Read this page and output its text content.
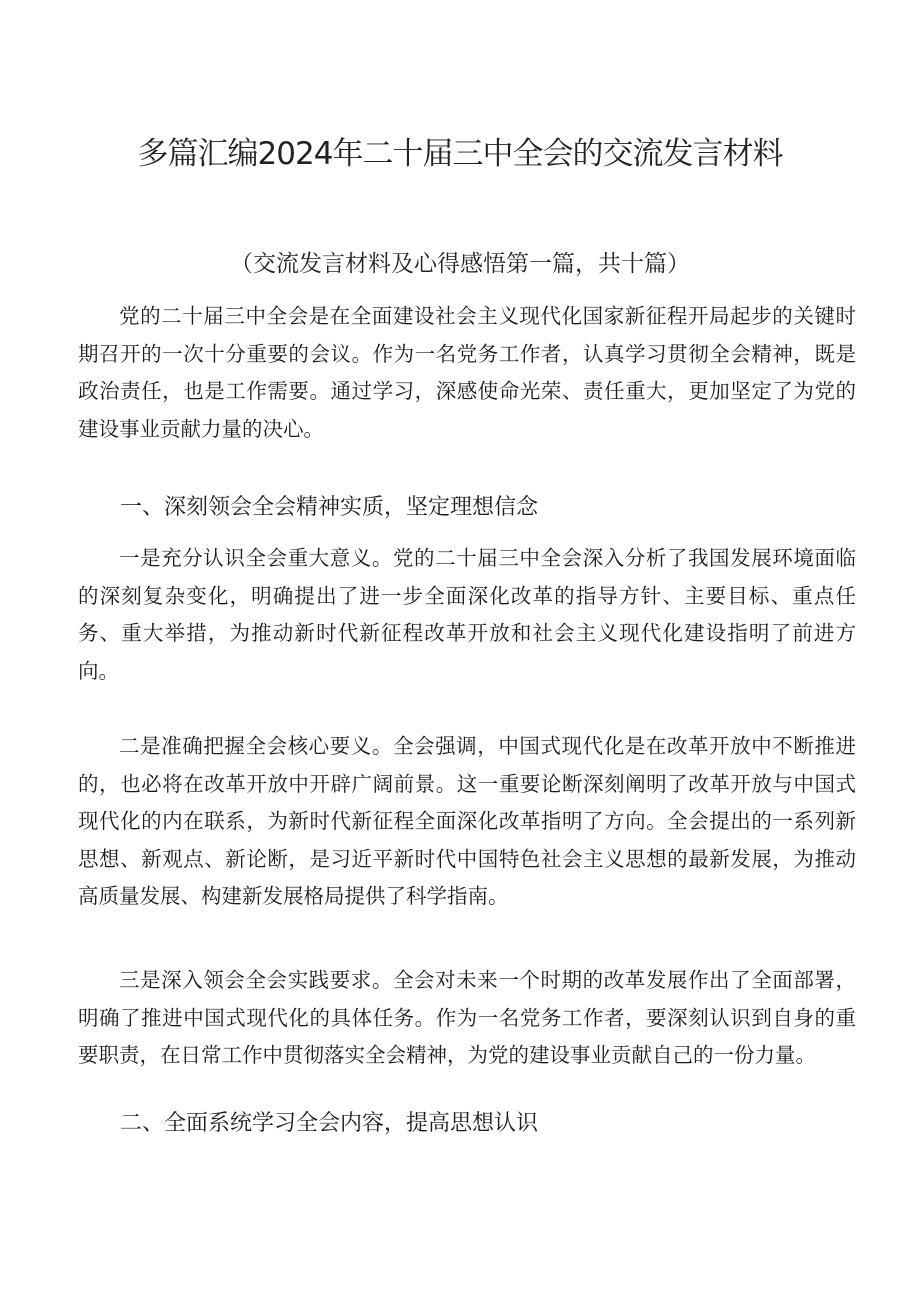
多篇汇编2024年二十届三中全会的交流发言材料
（交流发言材料及心得感悟第一篇，共十篇）

党的二十届三中全会是在全面建设社会主义现代化国家新征程开局起步的关键时期召开的一次十分重要的会议。作为一名党务工作者，认真学习贯彻全会精神，既是政治责任，也是工作需要。通过学习，深感使命光荣、责任重大，更加坚定了为党的建设事业贡献力量的决心。

一、深刻领会全会精神实质，坚定理想信念

一是充分认识全会重大意义。党的二十届三中全会深入分析了我国发展环境面临的深刻复杂变化，明确提出了进一步全面深化改革的指导方针、主要目标、重点任务、重大举措，为推动新时代新征程改革开放和社会主义现代化建设指明了前进方向。

二是准确把握全会核心要义。全会强调，中国式现代化是在改革开放中不断推进的，也必将在改革开放中开辟广阔前景。这一重要论断深刻阐明了改革开放与中国式现代化的内在联系，为新时代新征程全面深化改革指明了方向。全会提出的一系列新思想、新观点、新论断，是习近平新时代中国特色社会主义思想的最新发展，为推动高质量发展、构建新发展格局提供了科学指南。

三是深入领会全会实践要求。全会对未来一个时期的改革发展作出了全面部署，明确了推进中国式现代化的具体任务。作为一名党务工作者，要深刻认识到自身的重要职责，在日常工作中贯彻落实全会精神，为党的建设事业贡献自己的一份力量。

二、全面系统学习全会内容，提高思想认识
